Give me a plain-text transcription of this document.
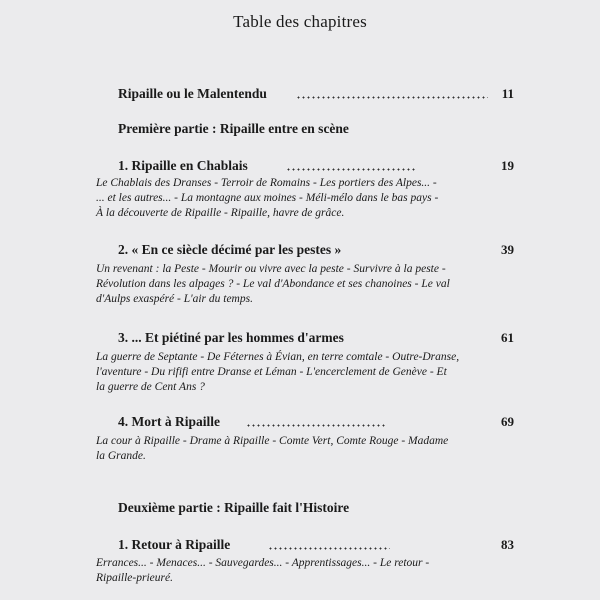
Table des chapitres
Ripaille ou le Malentendu	11
Première partie : Ripaille entre en scène
1. Ripaille en Chablais	19
Le Chablais des Dranses - Terroir de Romains - Les portiers des Alpes... -
... et les autres... - La montagne aux moines - Méli-mélo dans le bas pays -
À la découverte de Ripaille - Ripaille, havre de grâce.
2. « En ce siècle décimé par les pestes »	39
Un revenant : la Peste - Mourir ou vivre avec la peste - Survivre à la peste -
Révolution dans les alpages ? - Le val d'Abondance et ses chanoines - Le val
d'Aulps exaspéré - L'air du temps.
3. ... Et piétiné par les hommes d'armes	61
La guerre de Septante - De Féternes à Évian, en terre comtale - Outre-Dranse,
l'aventure - Du rififi entre Dranse et Léman - L'encerclement de Genève - Et
la guerre de Cent Ans ?
4. Mort à Ripaille	69
La cour à Ripaille - Drame à Ripaille - Comte Vert, Comte Rouge - Madame
la Grande.
Deuxième partie : Ripaille fait l'Histoire
1. Retour à Ripaille	83
Errances... - Menaces... - Sauvegardes... - Apprentissages... - Le retour -
Ripaille-prieuré.
